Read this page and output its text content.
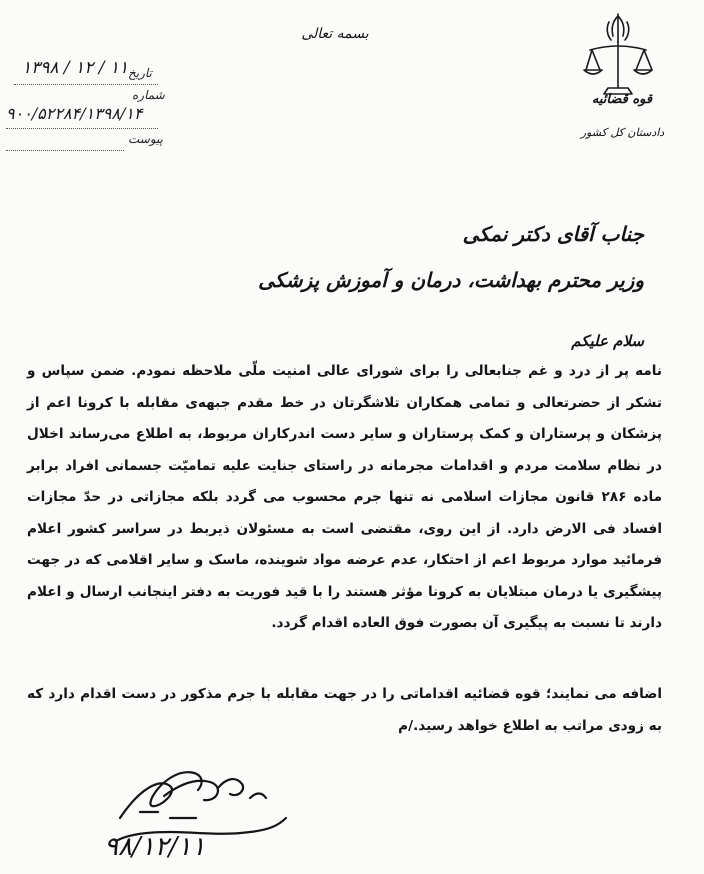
بسمه تعالی
تاریخ
۱۳۹۸ / ۱۲ / ۱۱
شماره
۹۰۰/۵۲۲۸۴/۱۳۹۸/۱۴
پیوست
قوه قضائیه
دادستان کل کشور
جناب آقای دکتر نمکی
وزیر محترم بهداشت، درمان و آموزش پزشکی
سلام علیکم
نامه پر از درد و غم جنابعالی را برای شورای عالی امنیت ملّی ملاحظه نمودم. ضمن سپاس و تشکر از حضرتعالی و تمامی همکاران تلاشگرتان در خط مقدم جبهه‌ی مقابله با کرونا اعم از پزشکان و پرستاران و کمک پرستاران و سایر دست اندرکاران مربوط، به اطلاع می‌رساند اخلال در نظام سلامت مردم و اقدامات مجرمانه در راستای جنایت علیه تمامیّت جسمانی افراد برابر ماده ۲۸۶ قانون مجازات اسلامی نه تنها جرم محسوب می گردد بلکه مجازاتی در حدّ مجازات افساد فی الارض دارد. از این روی، مقتضی است به مسئولان ذیربط در سراسر کشور اعلام فرمائید موارد مربوط اعم از احتکار، عدم عرضه مواد شوینده، ماسک و سایر اقلامی که در جهت پیشگیری یا درمان مبتلایان به کرونا مؤثر هستند را با قید فوریت به دفتر اینجانب ارسال و اعلام دارند تا نسبت به پیگیری آن بصورت فوق العاده اقدام گردد.
اضافه می نمایند؛ قوه قضائیه اقداماتی را در جهت مقابله با جرم مذکور در دست اقدام دارد که به زودی مراتب به اطلاع خواهد رسید./م
۹۸/۱۲/۱۱
